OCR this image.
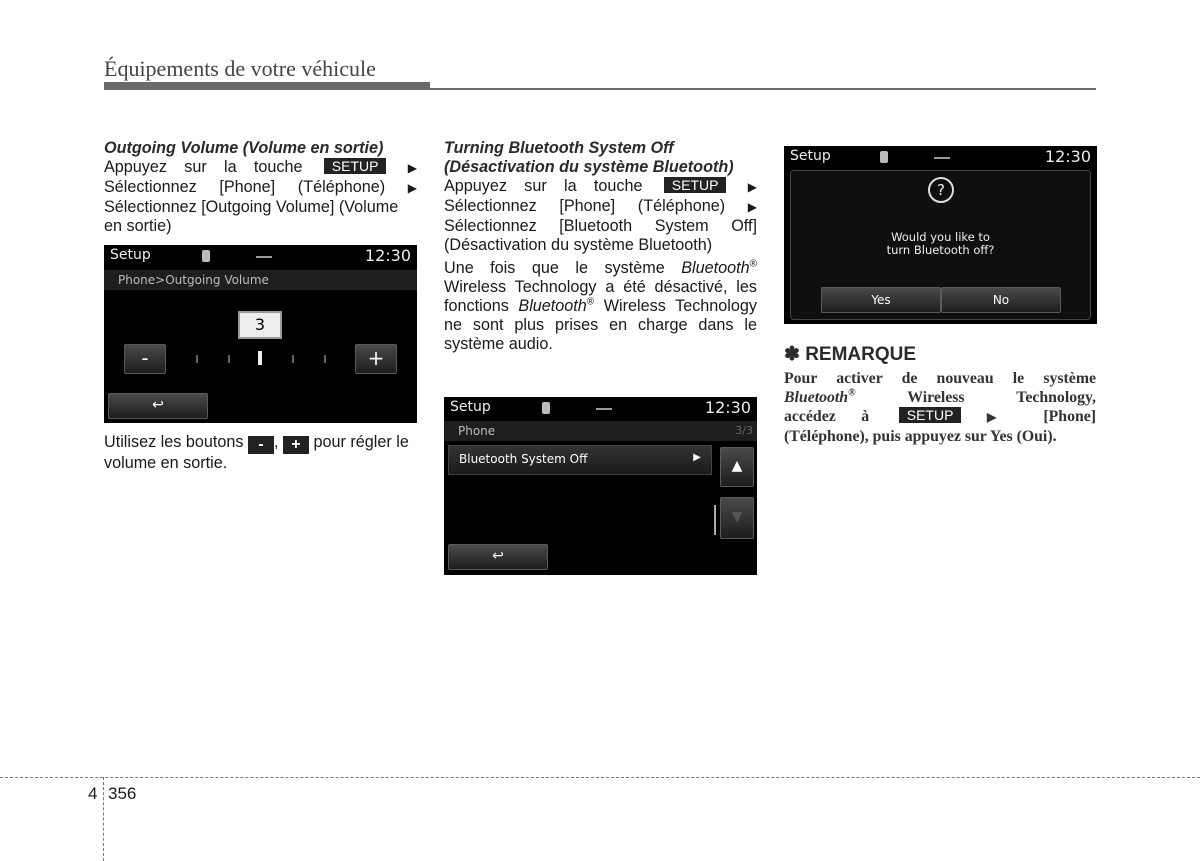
Équipements de votre véhicule
Outgoing Volume (Volume en sortie)
Appuyez sur la touche SETUP ▶
Sélectionnez [Phone] (Téléphone) ▶
Sélectionnez [Outgoing Volume] (Volume en sortie)
Setup	12:30
Phone>Outgoing Volume
3
-	+
↩
Utilisez les boutons - , + pour régler le volume en sortie.
Turning Bluetooth System Off
(Désactivation du système Bluetooth)
Appuyez sur la touche SETUP ▶
Sélectionnez [Phone] (Téléphone) ▶
Sélectionnez [Bluetooth System Off]
(Désactivation du système Bluetooth)
Une fois que le système Bluetooth® Wireless Technology a été désactivé, les fonctions Bluetooth® Wireless Technology ne sont plus prises en charge dans le système audio.
Setup	12:30
Phone	3/3
Bluetooth System Off	▶
▲
▼
↩
Setup	12:30
?
Would you like to
turn Bluetooth off?
Yes	No
✽ REMARQUE
Pour activer de nouveau le système
Bluetooth®	Wireless Technology,
accédez à	SETUP ▶ [Phone]
(Téléphone), puis appuyez sur Yes (Oui).
4 356
